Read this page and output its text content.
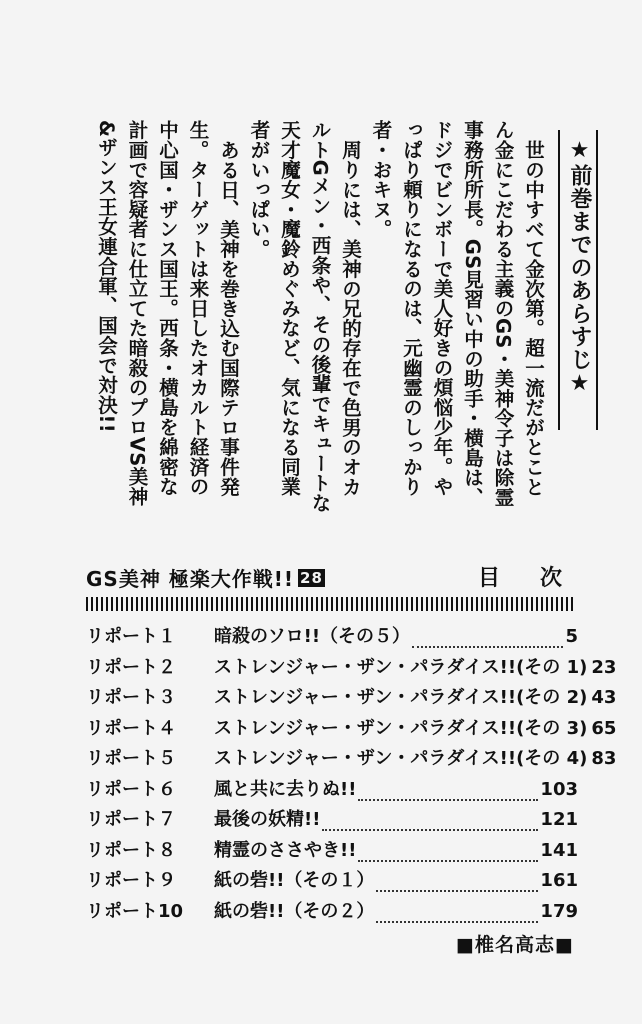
★前巻までのあらすじ★

世の中すべて金次第。超一流だがとことん金にこだわる主義のGS・美神令子は除霊事務所所長。GS見習い中の助手・横島は、ドジでビンボーで美人好きの煩悩少年。やっぱり頼りになるのは、元幽霊のしっかり者・おキヌ。

周りには、美神の兄的存在で色男のオカルトGメン・西条や、その後輩でキュートな天才魔女・魔鈴めぐみなど、気になる同業者がいっぱい。

ある日、美神を巻き込む国際テロ事件発生。ターゲットは来日したオカルト経済の中心国・ザンス国王。西条・横島を綿密な計画で容疑者に仕立てた暗殺のプロVS美神&ザンス王女連合軍、国会で対決!!

GS美神 極楽大作戦!! 28	目次
リポート１	暗殺のソロ!!（その５）	5
リポート２	ストレンジャー・ザン・パラダイス!!(その 1) 23
リポート３	ストレンジャー・ザン・パラダイス!!(その 2) 43
リポート４	ストレンジャー・ザン・パラダイス!!(その 3) 65
リポート５	ストレンジャー・ザン・パラダイス!!(その 4) 83
リポート６	風と共に去りぬ!!	103
リポート７	最後の妖精!!	121
リポート８	精霊のささやき!!	141
リポート９	紙の砦!!（その１）	161
リポート10	紙の砦!!（その２）	179
■椎名高志■
